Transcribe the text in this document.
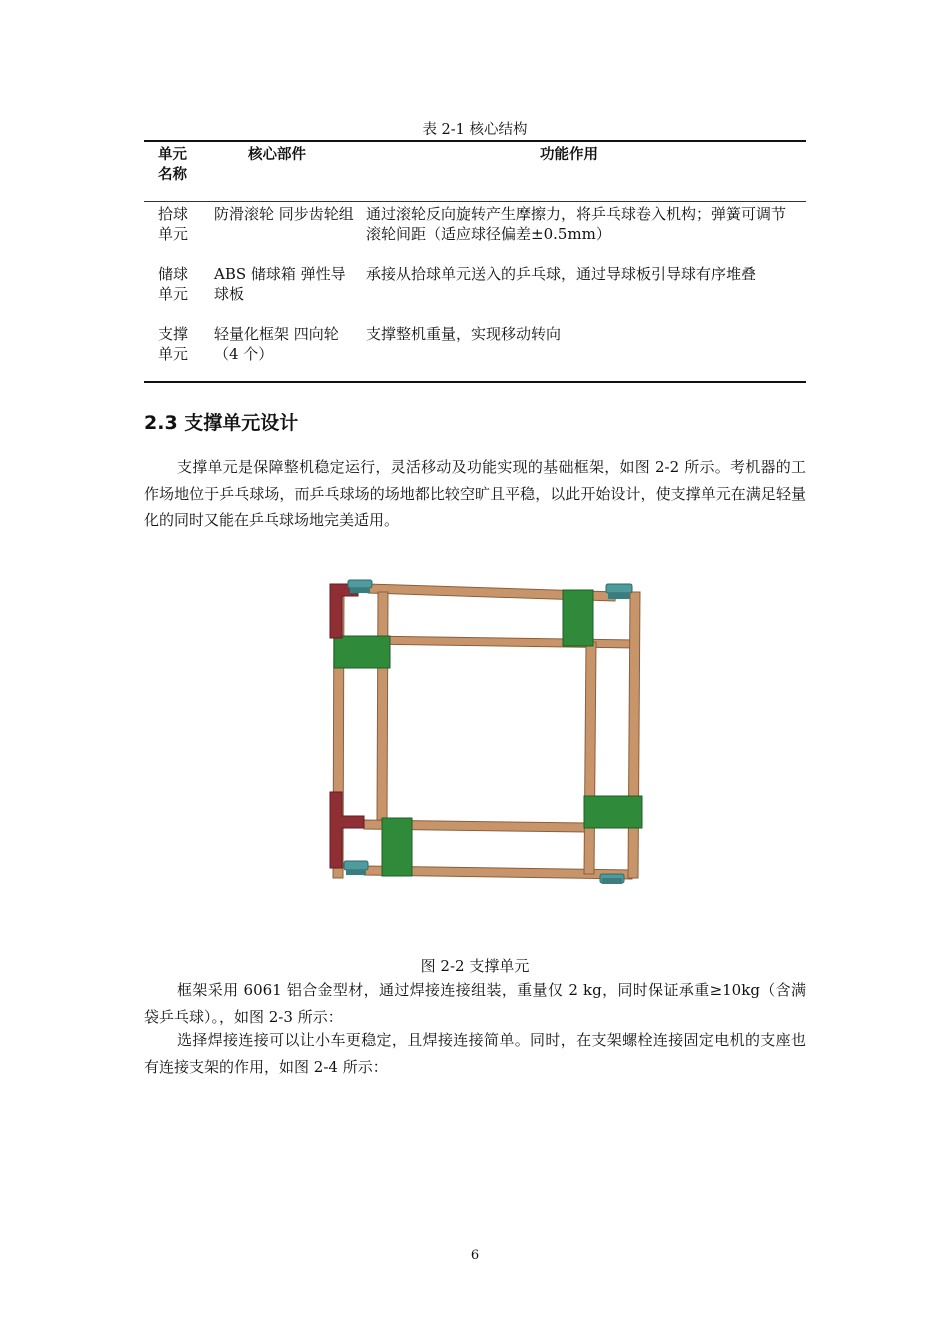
表 2-1 核心结构
单元名称
核心部件	功能作用
拾球单元
防滑滚轮 同步齿轮组 通过滚轮反向旋转产生摩擦力，将乒乓球卷入机构；弹簧可调节滚轮间距（适应球径偏差±0.5mm）
储球单元
ABS 储球箱 弹性导球板
承接从拾球单元送入的乒乓球，通过导球板引导球有序堆叠
支撑单元
轻量化框架 四向轮（4 个）
支撑整机重量，实现移动转向
2.3 支撑单元设计

支撑单元是保障整机稳定运行，灵活移动及功能实现的基础框架，如图 2-2 所示。考机器的工作场地位于乒乓球场，而乒乓球场的场地都比较空旷且平稳，以此开始设计，使支撑单元在满足轻量化的同时又能在乒乓球场地完美适用。

图 2-2 支撑单元

框架采用 6061 铝合金型材，通过焊接连接组装，重量仅 2 kg，同时保证承重≥10kg（含满袋乒乓球）。，如图 2-3 所示：

选择焊接连接可以让小车更稳定，且焊接连接简单。同时，在支架螺栓连接固定电机的支座也有连接支架的作用，如图 2-4 所示：

6
